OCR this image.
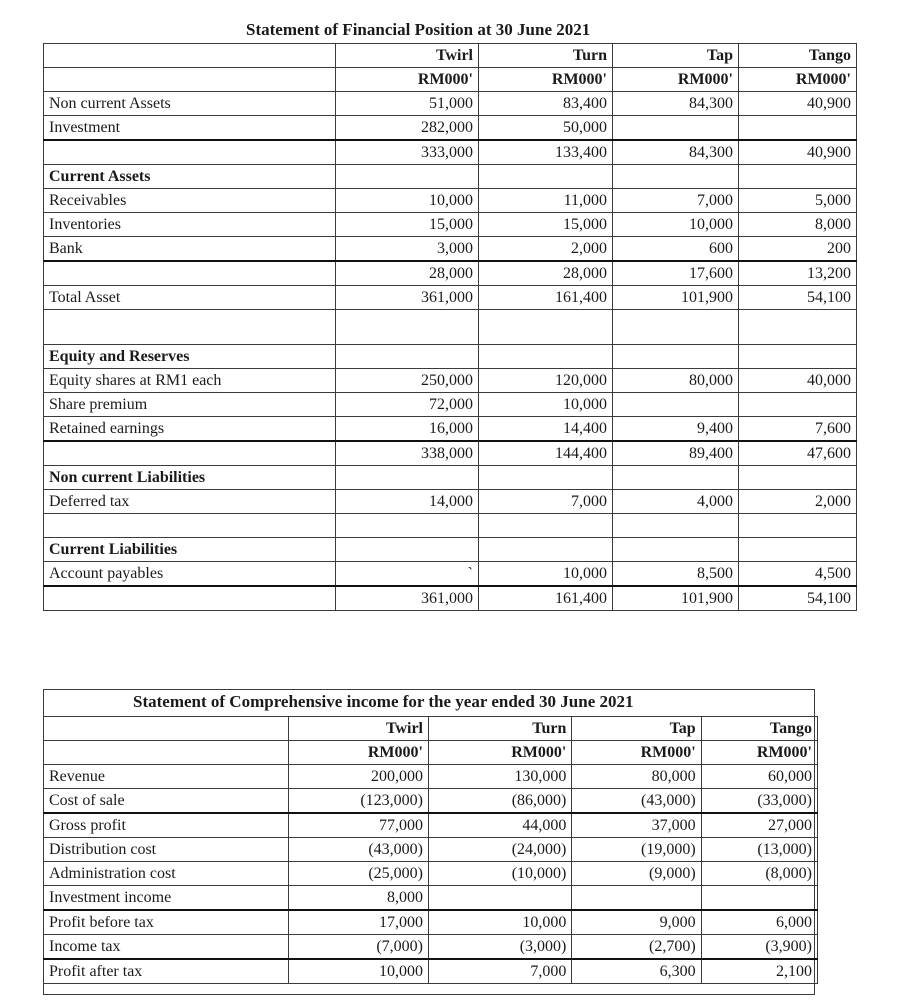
Statement of Financial Position at 30 June 2021
	Twirl	Turn	Tap	Tango
	RM000'	RM000'	RM000'	RM000'
Non current Assets	51,000	83,400	84,300	40,900
Investment	282,000	50,000		
	333,000	133,400	84,300	40,900
Current Assets				
Receivables	10,000	11,000	7,000	5,000
Inventories	15,000	15,000	10,000	8,000
Bank	3,000	2,000	600	200
	28,000	28,000	17,600	13,200
Total Asset	361,000	161,400	101,900	54,100

Equity and Reserves				
Equity shares at RM1 each	250,000	120,000	80,000	40,000
Share premium	72,000	10,000		
Retained earnings	16,000	14,400	9,400	7,600
	338,000	144,400	89,400	47,600
Non current Liabilities				
Deferred tax	14,000	7,000	4,000	2,000

Current Liabilities				
Account payables	`	10,000	8,500	4,500
	361,000	161,400	101,900	54,100
Statement of Comprehensive income for the year ended 30 June 2021
	Twirl	Turn	Tap	Tango
	RM000'	RM000'	RM000'	RM000'
Revenue	200,000	130,000	80,000	60,000
Cost of sale	(123,000)	(86,000)	(43,000)	(33,000)
Gross profit	77,000	44,000	37,000	27,000
Distribution cost	(43,000)	(24,000)	(19,000)	(13,000)
Administration cost	(25,000)	(10,000)	(9,000)	(8,000)
Investment income	8,000			
Profit before tax	17,000	10,000	9,000	6,000
Income tax	(7,000)	(3,000)	(2,700)	(3,900)
Profit after tax	10,000	7,000	6,300	2,100
